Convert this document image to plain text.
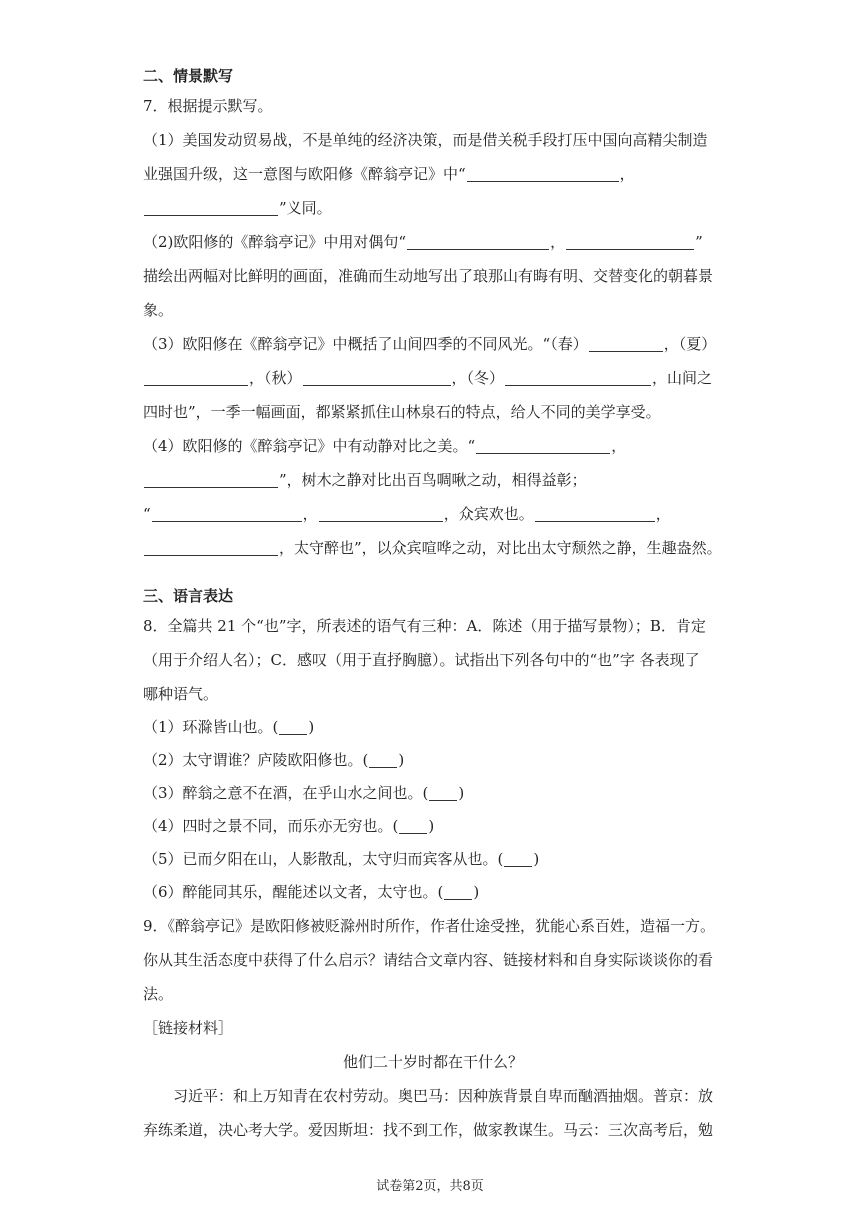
二、情景默写
7．根据提示默写。
（1）美国发动贸易战，不是单纯的经济决策，而是借关税手段打压中国向高精尖制造
业强国升级，这一意图与欧阳修《醉翁亭记》中“	，
”义同。
（2)欧阳修的《醉翁亭记》中用对偶句“	，	”
描绘出两幅对比鲜明的画面，准确而生动地写出了琅那山有晦有明、交替变化的朝暮景
象。
（3）欧阳修在《醉翁亭记》中概括了山间四季的不同风光。“（春）	，（夏）
，（秋）	，（冬）	，山间之
四时也”，一季一幅画面，都紧紧抓住山林泉石的特点，给人不同的美学享受。
（4）欧阳修的《醉翁亭记》中有动静对比之美。“	，
”，树木之静对比出百鸟啁啾之动，相得益彰；
“	，	，众宾欢也。	，
，太守醉也”，以众宾喧哗之动，对比出太守颓然之静，生趣盎然。
三、语言表达
8．全篇共 21 个“也”字，所表述的语气有三种：A．陈述（用于描写景物）；B．肯定
（用于介绍人名）；C．感叹（用于直抒胸臆）。试指出下列各句中的“也”字 各表现了
哪种语气。
（1）环滁皆山也。( )
（2）太守谓谁？庐陵欧阳修也。( )
（3）醉翁之意不在酒，在乎山水之间也。( )
（4）四时之景不同，而乐亦无穷也。( )
（5）已而夕阳在山，人影散乱，太守归而宾客从也。( )
（6）醉能同其乐，醒能述以文者，太守也。( )
9．《醉翁亭记》是欧阳修被贬滁州时所作，作者仕途受挫，犹能心系百姓，造福一方。
你从其生活态度中获得了什么启示？请结合文章内容、链接材料和自身实际谈谈你的看
法。
［链接材料］
他们二十岁时都在干什么？
习近平：和上万知青在农村劳动。奥巴马：因种族背景自卑而酗酒抽烟。普京：放
弃练柔道，决心考大学。爱因斯坦：找不到工作，做家教谋生。马云：三次高考后，勉
试卷第2页，共8页
